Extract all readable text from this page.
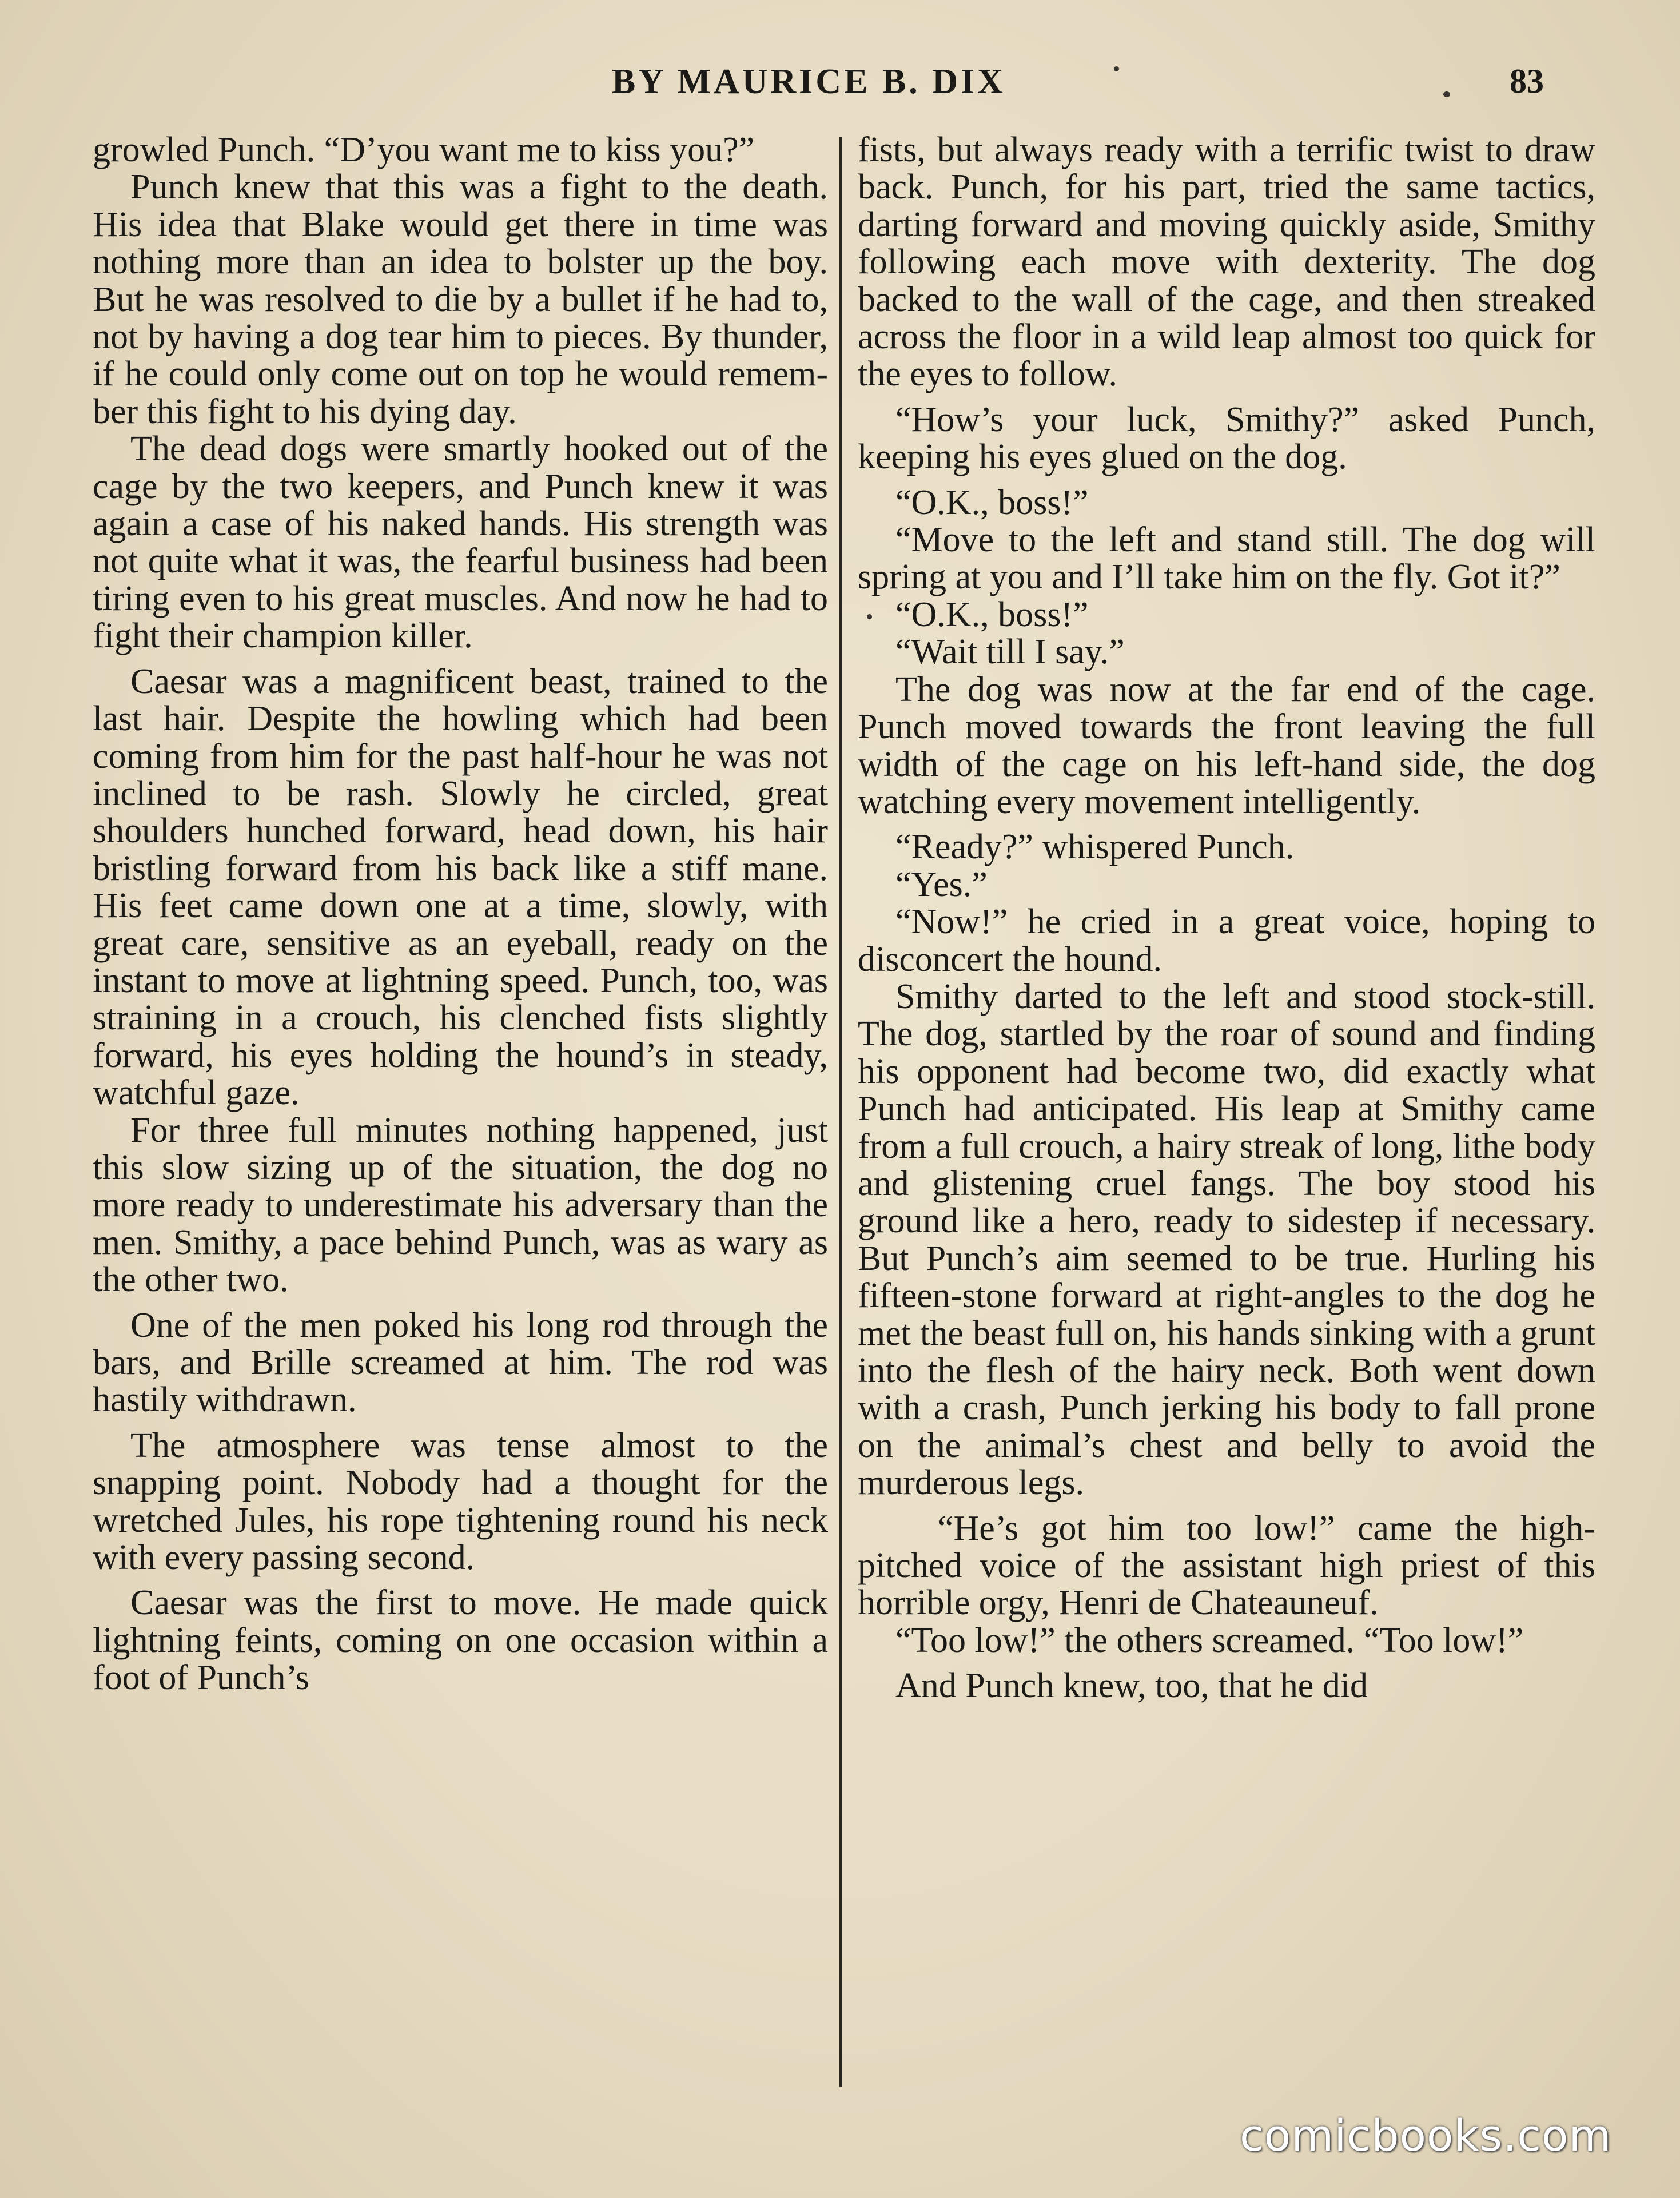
BY MAURICE B. DIX	83

growled Punch. “D’you want me to kiss you?”

Punch knew that this was a fight to the death. His idea that Blake would get there in time was nothing more than an idea to bolster up the boy. But he was resolved to die by a bullet if he had to, not by having a dog tear him to pieces. By thunder, if he could only come out on top he would remember this fight to his dying day.

The dead dogs were smartly hooked out of the cage by the two keepers, and Punch knew it was again a case of his naked hands. His strength was not quite what it was, the fearful business had been tiring even to his great muscles. And now he had to fight their champion killer.

Caesar was a magnificent beast, trained to the last hair. Despite the howling which had been coming from him for the past half-hour he was not inclined to be rash. Slowly he circled, great shoulders hunched forward, head down, his hair bristling forward from his back like a stiff mane. His feet came down one at a time, slowly, with great care, sensitive as an eyeball, ready on the instant to move at lightning speed. Punch, too, was straining in a crouch, his clenched fists slightly forward, his eyes holding the hound’s in steady, watchful gaze.

For three full minutes nothing happened, just this slow sizing up of the situation, the dog no more ready to underestimate his adversary than the men. Smithy, a pace behind Punch, was as wary as the other two.

One of the men poked his long rod through the bars, and Brille screamed at him. The rod was hastily withdrawn.

The atmosphere was tense almost to the snapping point. Nobody had a thought for the wretched Jules, his rope tightening round his neck with every passing second.

Caesar was the first to move. He made quick lightning feints, coming on one occasion within a foot of Punch’s

fists, but always ready with a terrific twist to draw back. Punch, for his part, tried the same tactics, darting forward and moving quickly aside, Smithy following each move with dexterity. The dog backed to the wall of the cage, and then streaked across the floor in a wild leap almost too quick for the eyes to follow.

“How’s your luck, Smithy?” asked Punch, keeping his eyes glued on the dog.

“O.K., boss!”

“Move to the left and stand still. The dog will spring at you and I’ll take him on the fly. Got it?”

“O.K., boss!”

“Wait till I say.”

The dog was now at the far end of the cage. Punch moved towards the front leaving the full width of the cage on his left-hand side, the dog watching every movement intelligently.

“Ready?” whispered Punch.

“Yes.”

“Now!” he cried in a great voice, hoping to disconcert the hound.

Smithy darted to the left and stood stock-still. The dog, startled by the roar of sound and finding his opponent had become two, did exactly what Punch had anticipated. His leap at Smithy came from a full crouch, a hairy streak of long, lithe body and glistening cruel fangs. The boy stood his ground like a hero, ready to sidestep if necessary. But Punch’s aim seemed to be true. Hurling his fifteen-stone forward at right-angles to the dog he met the beast full on, his hands sinking with a grunt into the flesh of the hairy neck. Both went down with a crash, Punch jerking his body to fall prone on the animal’s chest and belly to avoid the murderous legs.

“He’s got him too low!” came the high-pitched voice of the assistant high priest of this horrible orgy, Henri de Chateauneuf.

“Too low!” the others screamed. “Too low!”

And Punch knew, too, that he did

comicbooks.com
